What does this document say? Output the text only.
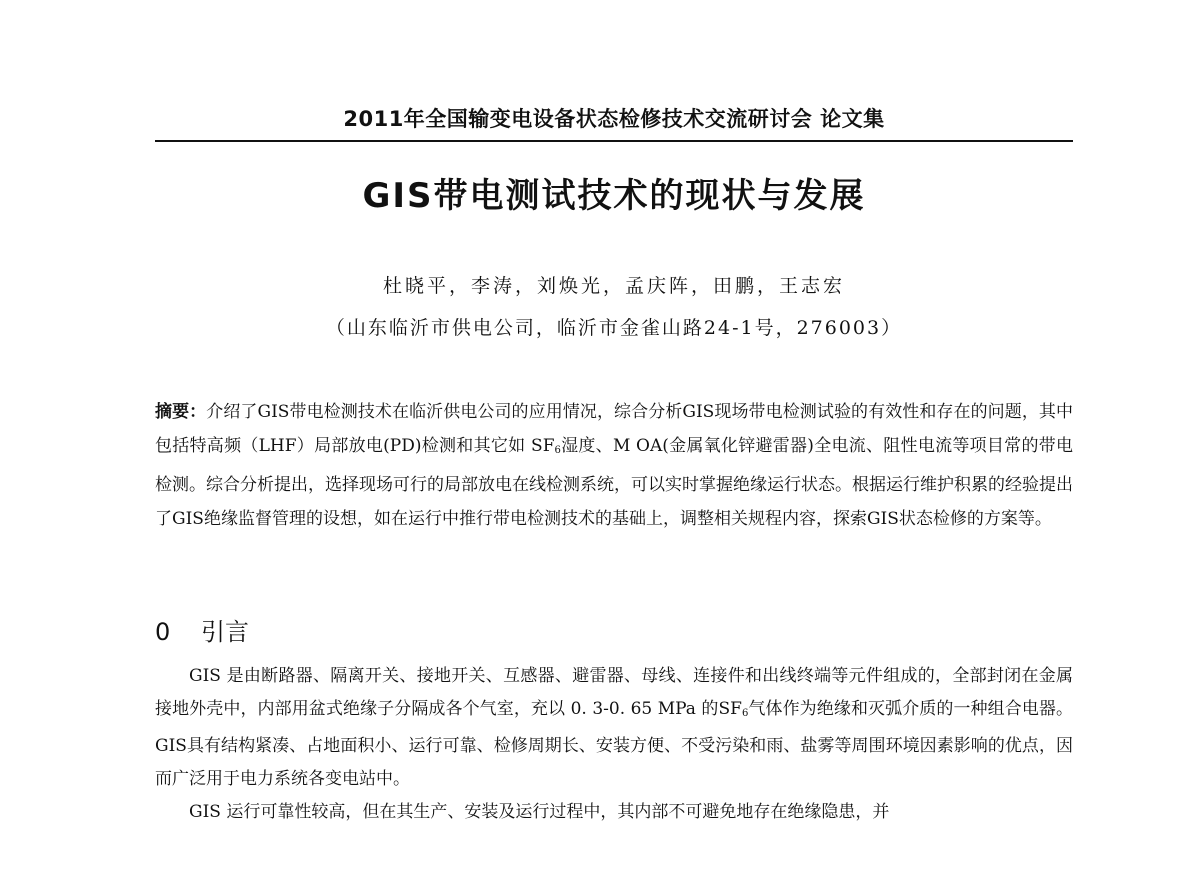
2011年全国输变电设备状态检修技术交流研讨会 论文集
GIS带电测试技术的现状与发展
杜晓平，李涛，刘焕光，孟庆阵，田鹏，王志宏
（山东临沂市供电公司，临沂市金雀山路24-1号，276003）
摘要：介绍了GIS带电检测技术在临沂供电公司的应用情况，综合分析GIS现场带电检测试验的有效性和存在的问题，其中包括特高频（LHF）局部放电(PD)检测和其它如 SF6湿度、M OA(金属氧化锌避雷器)全电流、阻性电流等项目常的带电检测。综合分析提出，选择现场可行的局部放电在线检测系统，可以实时掌握绝缘运行状态。根据运行维护积累的经验提出了GIS绝缘监督管理的设想，如在运行中推行带电检测技术的基础上，调整相关规程内容，探索GIS状态检修的方案等。
0 引言

GIS 是由断路器、隔离开关、接地开关、互感器、避雷器、母线、连接件和出线终端等元件组成的，全部封闭在金属接地外壳中，内部用盆式绝缘子分隔成各个气室，充以 0. 3-0. 65 MPa 的SF6气体作为绝缘和灭弧介质的一种组合电器。GIS具有结构紧凑、占地面积小、运行可靠、检修周期长、安装方便、不受污染和雨、盐雾等周围环境因素影响的优点，因而广泛用于电力系统各变电站中。

GIS 运行可靠性较高，但在其生产、安装及运行过程中，其内部不可避免地存在绝缘隐患，并
